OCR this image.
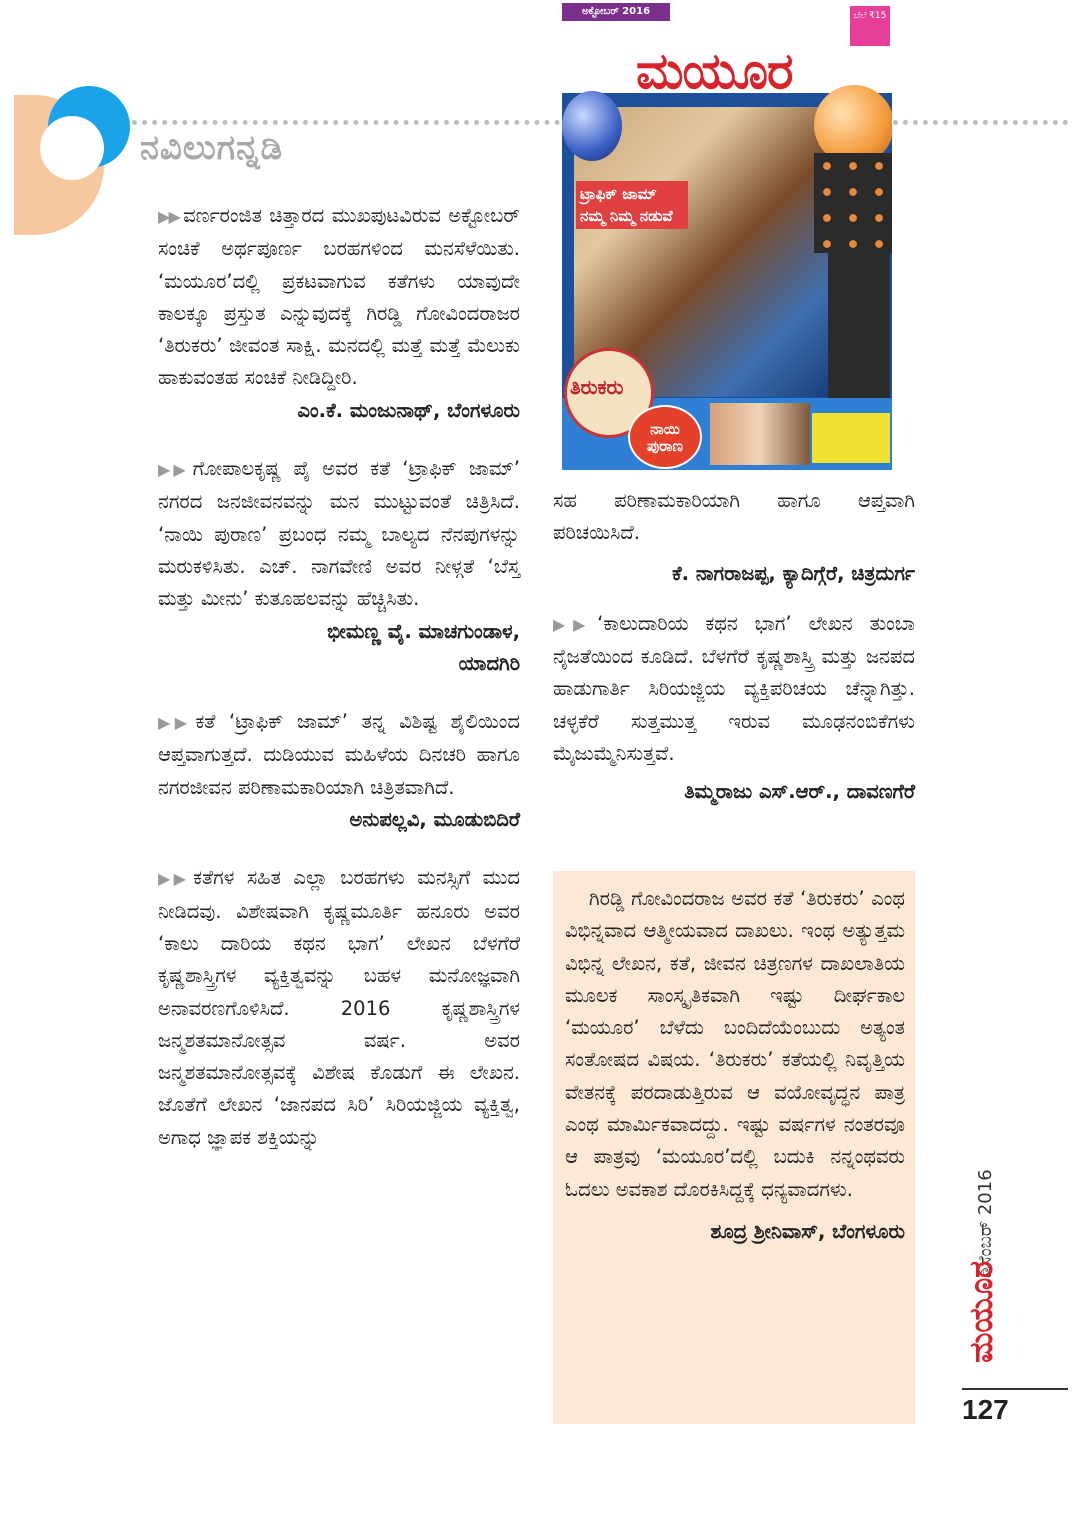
ನವಿಲುಗನ್ನಡಿ
ಅಕ್ಟೋಬರ್ 2016	ಬೆಲೆ ₹15
ಮಯೂರ
ಟ್ರಾಫಿಕ್ ಜಾಮ್ ನಮ್ಮ ನಿಮ್ಮ ನಡುವೆ
ತಿರುಕರು
ನಾಯಿ ಪುರಾಣ

▶▶ ವರ್ಣರಂಜಿತ ಚಿತ್ತಾರದ ಮುಖಪುಟವಿರುವ ಅಕ್ಟೋಬರ್ ಸಂಚಿಕೆ ಅರ್ಥಪೂರ್ಣ ಬರಹಗಳಿಂದ ಮನಸೆಳೆಯಿತು. ‘ಮಯೂರ’ದಲ್ಲಿ ಪ್ರಕಟವಾಗುವ ಕತೆಗಳು ಯಾವುದೇ ಕಾಲಕ್ಕೂ ಪ್ರಸ್ತುತ ಎನ್ನುವುದಕ್ಕೆ ಗಿರಡ್ಡಿ ಗೋವಿಂದರಾಜರ ‘ತಿರುಕರು’ ಜೀವಂತ ಸಾಕ್ಷಿ. ಮನದಲ್ಲಿ ಮತ್ತೆ ಮತ್ತೆ ಮೆಲುಕು ಹಾಕುವಂತಹ ಸಂಚಿಕೆ ನೀಡಿದ್ದೀರಿ.

ಎಂ.ಕೆ. ಮಂಜುನಾಥ್, ಬೆಂಗಳೂರು

▶▶ ಗೋಪಾಲಕೃಷ್ಣ ಪೈ ಅವರ ಕತೆ ‘ಟ್ರಾಫಿಕ್ ಜಾಮ್’ ನಗರದ ಜನಜೀವನವನ್ನು ಮನ ಮುಟ್ಟುವಂತೆ ಚಿತ್ರಿಸಿದೆ. ‘ನಾಯಿ ಪುರಾಣ’ ಪ್ರಬಂಧ ನಮ್ಮ ಬಾಲ್ಯದ ನೆನಪುಗಳನ್ನು ಮರುಕಳಿಸಿತು. ಎಚ್. ನಾಗವೇಣಿ ಅವರ ನೀಳ್ಗತೆ ‘ಬೆಸ್ತ ಮತ್ತು ಮೀನು’ ಕುತೂಹಲವನ್ನು ಹೆಚ್ಚಿಸಿತು.

ಭೀಮಣ್ಣ ವೈ. ಮಾಚಗುಂಡಾಳ,

ಯಾದಗಿರಿ

▶▶ ಕತೆ ‘ಟ್ರಾಫಿಕ್ ಜಾಮ್’ ತನ್ನ ವಿಶಿಷ್ಟ ಶೈಲಿಯಿಂದ ಆಪ್ತವಾಗುತ್ತದೆ. ದುಡಿಯುವ ಮಹಿಳೆಯ ದಿನಚರಿ ಹಾಗೂ ನಗರಜೀವನ ಪರಿಣಾಮಕಾರಿಯಾಗಿ ಚಿತ್ರಿತವಾಗಿದೆ.

ಅನುಪಲ್ಲವಿ, ಮೂಡುಬಿದಿರೆ

▶▶ ಕತೆಗಳ ಸಹಿತ ಎಲ್ಲಾ ಬರಹಗಳು ಮನಸ್ಸಿಗೆ ಮುದ ನೀಡಿದವು. ವಿಶೇಷವಾಗಿ ಕೃಷ್ಣಮೂರ್ತಿ ಹನೂರು ಅವರ ‘ಕಾಲು ದಾರಿಯ ಕಥನ ಭಾಗ’ ಲೇಖನ ಬೆಳಗೆರೆ ಕೃಷ್ಣಶಾಸ್ತ್ರಿಗಳ ವ್ಯಕ್ತಿತ್ವವನ್ನು ಬಹಳ ಮನೋಜ್ಞವಾಗಿ ಅನಾವರಣಗೊಳಿಸಿದೆ. 2016 ಕೃಷ್ಣಶಾಸ್ತ್ರಿಗಳ ಜನ್ಮಶತಮಾನೋತ್ಸವ ವರ್ಷ. ಅವರ ಜನ್ಮಶತಮಾನೋತ್ಸವಕ್ಕೆ ವಿಶೇಷ ಕೊಡುಗೆ ಈ ಲೇಖನ. ಜೊತೆಗೆ ಲೇಖನ ‘ಜಾನಪದ ಸಿರಿ’ ಸಿರಿಯಜ್ಜಿಯ ವ್ಯಕ್ತಿತ್ವ, ಅಗಾಧ ಜ್ಞಾಪಕ ಶಕ್ತಿಯನ್ನು

ಸಹ ಪರಿಣಾಮಕಾರಿಯಾಗಿ ಹಾಗೂ ಆಪ್ತವಾಗಿ ಪರಿಚಯಿಸಿದೆ.

ಕೆ. ನಾಗರಾಜಪ್ಪ, ಕ್ಯಾದಿಗ್ಗೆರೆ, ಚಿತ್ರದುರ್ಗ

▶▶ ‘ಕಾಲುದಾರಿಯ ಕಥನ ಭಾಗ’ ಲೇಖನ ತುಂಬಾ ನೈಜತೆಯಿಂದ ಕೂಡಿದೆ. ಬೆಳಗೆರೆ ಕೃಷ್ಣಶಾಸ್ತ್ರಿ ಮತ್ತು ಜನಪದ ಹಾಡುಗಾರ್ತಿ ಸಿರಿಯಜ್ಜಿಯ ವ್ಯಕ್ತಿಪರಿಚಯ ಚೆನ್ನಾಗಿತ್ತು. ಚಳ್ಳಕೆರೆ ಸುತ್ತಮುತ್ತ ಇರುವ ಮೂಢನಂಬಿಕೆಗಳು ಮೈಜುಮ್ಮೆನಿಸುತ್ತವೆ.

ತಿಮ್ಮರಾಜು ಎಸ್.ಆರ್., ದಾವಣಗೆರೆ

ಗಿರಡ್ಡಿ ಗೋವಿಂದರಾಜ ಅವರ ಕತೆ ‘ತಿರುಕರು’ ಎಂಥ ವಿಭಿನ್ನವಾದ ಆತ್ಮೀಯವಾದ ದಾಖಲು. ಇಂಥ ಅತ್ಯುತ್ತಮ ವಿಭಿನ್ನ ಲೇಖನ, ಕತೆ, ಜೀವನ ಚಿತ್ರಣಗಳ ದಾಖಲಾತಿಯ ಮೂಲಕ ಸಾಂಸ್ಕೃತಿಕವಾಗಿ ಇಷ್ಟು ದೀರ್ಘಕಾಲ ‘ಮಯೂರ’ ಬೆಳೆದು ಬಂದಿದೆಯೆಂಬುದು ಅತ್ಯಂತ ಸಂತೋಷದ ವಿಷಯ. ‘ತಿರುಕರು’ ಕತೆಯಲ್ಲಿ ನಿವೃತ್ತಿಯ ವೇತನಕ್ಕೆ ಪರದಾಡುತ್ತಿರುವ ಆ ವಯೋವೃದ್ಧನ ಪಾತ್ರ ಎಂಥ ಮಾರ್ಮಿಕವಾದದ್ದು. ಇಷ್ಟು ವರ್ಷಗಳ ನಂತರವೂ ಆ ಪಾತ್ರವು ‘ಮಯೂರ’ದಲ್ಲಿ ಬದುಕಿ ನನ್ನಂಥವರು ಓದಲು ಅವಕಾಶ ದೊರಕಿಸಿದ್ದಕ್ಕೆ ಧನ್ಯವಾದಗಳು.

ಶೂದ್ರ ಶ್ರೀನಿವಾಸ್, ಬೆಂಗಳೂರು	ಡಿಸೆಂಬರ್ 2016
ಮಯೂರ
127
